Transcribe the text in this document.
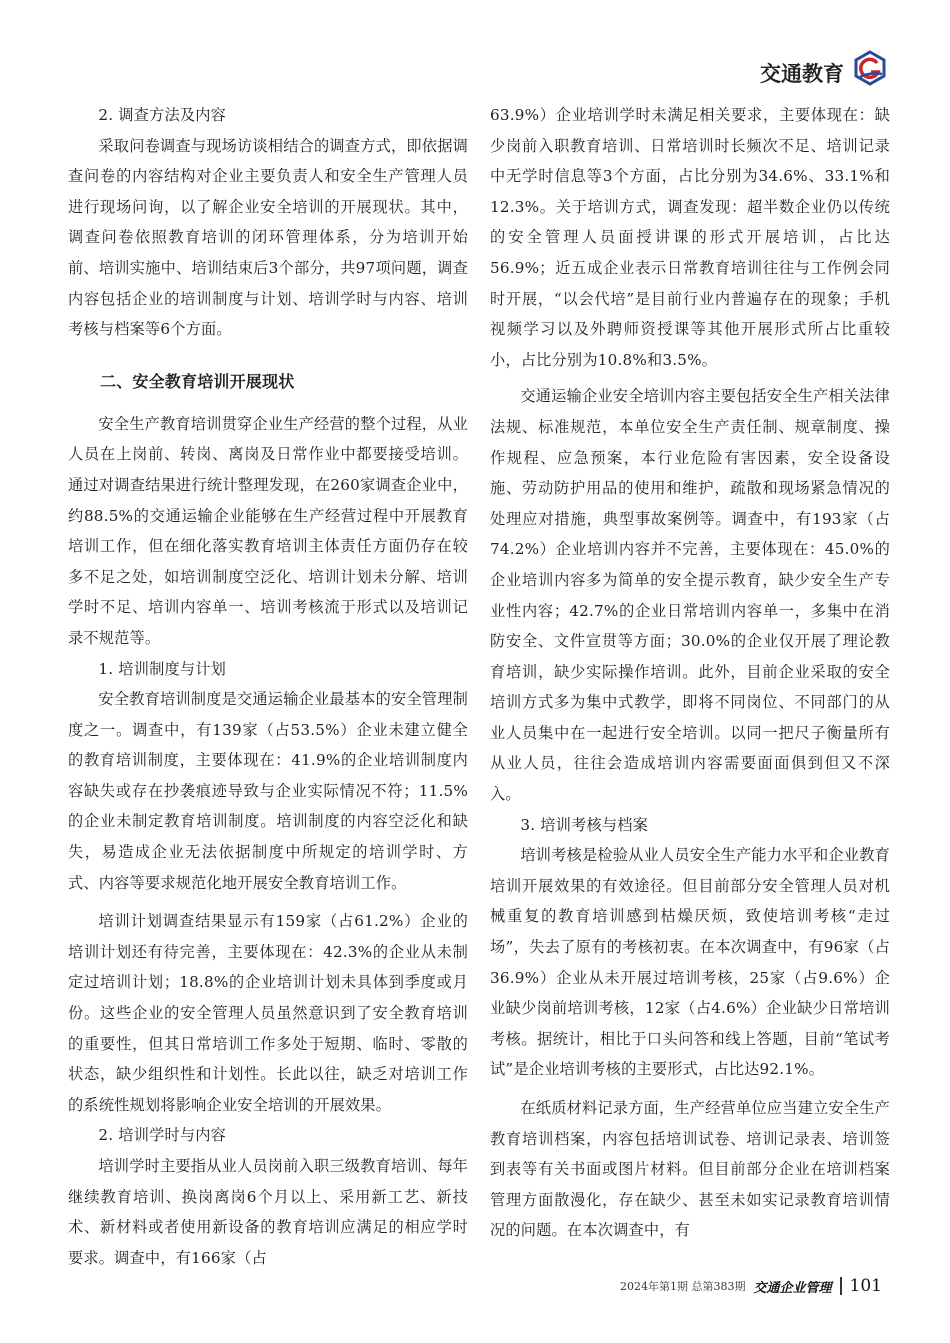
交通教育
2. 调查方法及内容

采取问卷调查与现场访谈相结合的调查方式，即依据调查问卷的内容结构对企业主要负责人和安全生产管理人员进行现场问询，以了解企业安全培训的开展现状。其中，调查问卷依照教育培训的闭环管理体系，分为培训开始前、培训实施中、培训结束后3个部分，共97项问题，调查内容包括企业的培训制度与计划、培训学时与内容、培训考核与档案等6个方面。

二、安全教育培训开展现状

安全生产教育培训贯穿企业生产经营的整个过程，从业人员在上岗前、转岗、离岗及日常作业中都要接受培训。通过对调查结果进行统计整理发现，在260家调查企业中，约88.5%的交通运输企业能够在生产经营过程中开展教育培训工作，但在细化落实教育培训主体责任方面仍存在较多不足之处，如培训制度空泛化、培训计划未分解、培训学时不足、培训内容单一、培训考核流于形式以及培训记录不规范等。

1. 培训制度与计划

安全教育培训制度是交通运输企业最基本的安全管理制度之一。调查中，有139家（占53.5%）企业未建立健全的教育培训制度，主要体现在：41.9%的企业培训制度内容缺失或存在抄袭痕迹导致与企业实际情况不符；11.5%的企业未制定教育培训制度。培训制度的内容空泛化和缺失，易造成企业无法依据制度中所规定的培训学时、方式、内容等要求规范化地开展安全教育培训工作。

培训计划调查结果显示有159家（占61.2%）企业的培训计划还有待完善，主要体现在：42.3%的企业从未制定过培训计划；18.8%的企业培训计划未具体到季度或月份。这些企业的安全管理人员虽然意识到了安全教育培训的重要性，但其日常培训工作多处于短期、临时、零散的状态，缺少组织性和计划性。长此以往，缺乏对培训工作的系统性规划将影响企业安全培训的开展效果。

2. 培训学时与内容

培训学时主要指从业人员岗前入职三级教育培训、每年继续教育培训、换岗离岗6个月以上、采用新工艺、新技术、新材料或者使用新设备的教育培训应满足的相应学时要求。调查中，有166家（占

63.9%）企业培训学时未满足相关要求，主要体现在：缺少岗前入职教育培训、日常培训时长频次不足、培训记录中无学时信息等3个方面，占比分别为34.6%、33.1%和12.3%。关于培训方式，调查发现：超半数企业仍以传统的安全管理人员面授讲课的形式开展培训，占比达56.9%；近五成企业表示日常教育培训往往与工作例会同时开展，“以会代培”是目前行业内普遍存在的现象；手机视频学习以及外聘师资授课等其他开展形式所占比重较小，占比分别为10.8%和3.5%。

交通运输企业安全培训内容主要包括安全生产相关法律法规、标准规范，本单位安全生产责任制、规章制度、操作规程、应急预案，本行业危险有害因素，安全设备设施、劳动防护用品的使用和维护，疏散和现场紧急情况的处理应对措施，典型事故案例等。调查中，有193家（占74.2%）企业培训内容并不完善，主要体现在：45.0%的企业培训内容多为简单的安全提示教育，缺少安全生产专业性内容；42.7%的企业日常培训内容单一，多集中在消防安全、文件宣贯等方面；30.0%的企业仅开展了理论教育培训，缺少实际操作培训。此外，目前企业采取的安全培训方式多为集中式教学，即将不同岗位、不同部门的从业人员集中在一起进行安全培训。以同一把尺子衡量所有从业人员，往往会造成培训内容需要面面俱到但又不深入。

3. 培训考核与档案

培训考核是检验从业人员安全生产能力水平和企业教育培训开展效果的有效途径。但目前部分安全管理人员对机械重复的教育培训感到枯燥厌烦，致使培训考核“走过场”，失去了原有的考核初衷。在本次调查中，有96家（占36.9%）企业从未开展过培训考核，25家（占9.6%）企业缺少岗前培训考核，12家（占4.6%）企业缺少日常培训考核。据统计，相比于口头问答和线上答题，目前“笔试考试”是企业培训考核的主要形式，占比达92.1%。

在纸质材料记录方面，生产经营单位应当建立安全生产教育培训档案，内容包括培训试卷、培训记录表、培训签到表等有关书面或图片材料。但目前部分企业在培训档案管理方面散漫化，存在缺少、甚至未如实记录教育培训情况的问题。在本次调查中，有

2024年第1期 总第383期 交通企业管理 101
